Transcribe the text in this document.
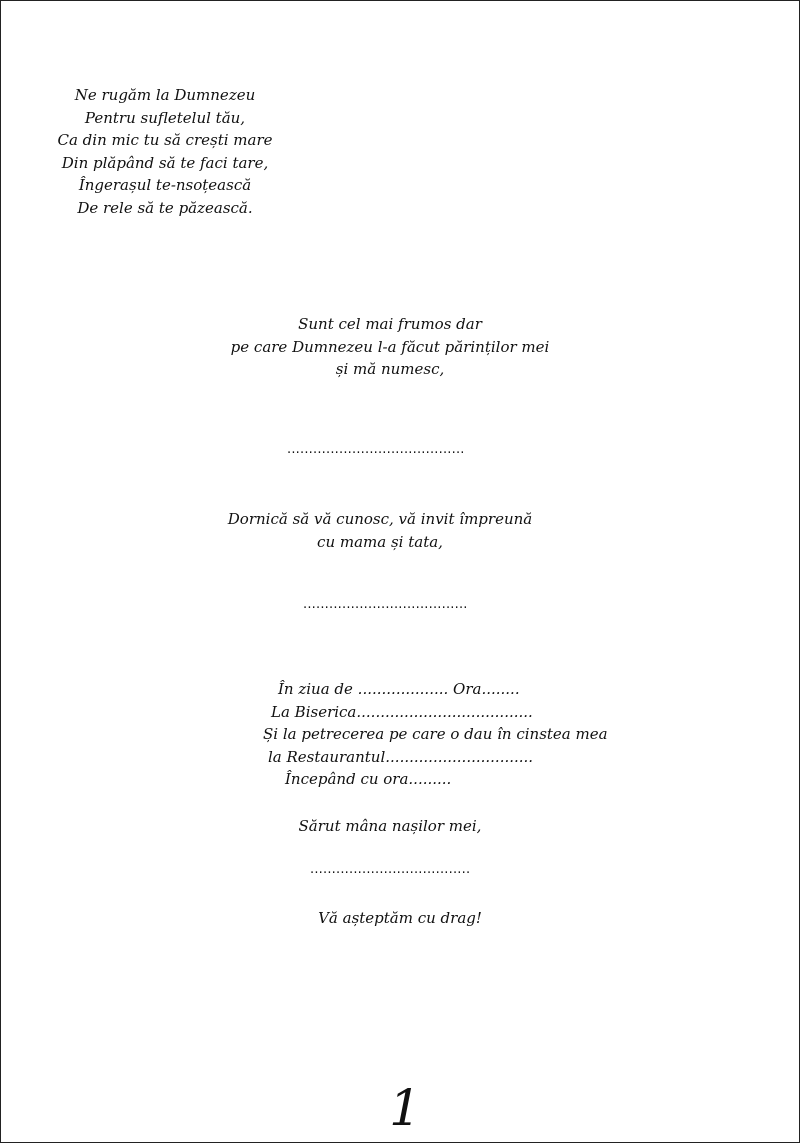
Ne rugăm la Dumnezeu
Pentru sufletelul tău,
Ca din mic tu să crești mare
Din plăpând să te faci tare,
Îngerașul te-nsoțească
De rele să te păzească.
Sunt cel mai frumos dar
pe care Dumnezeu l-a făcut părinților mei
și mă numesc,
.........................................
Dornică să vă cunosc, vă invit împreună
cu mama și tata,
......................................
În ziua de ................... Ora........
La Biserica.....................................
Și la petrecerea pe care o dau în cinstea mea
la Restaurantul...............................
Începând cu ora.........
Sărut mâna nașilor mei,
.....................................
Vă așteptăm cu drag!
1
